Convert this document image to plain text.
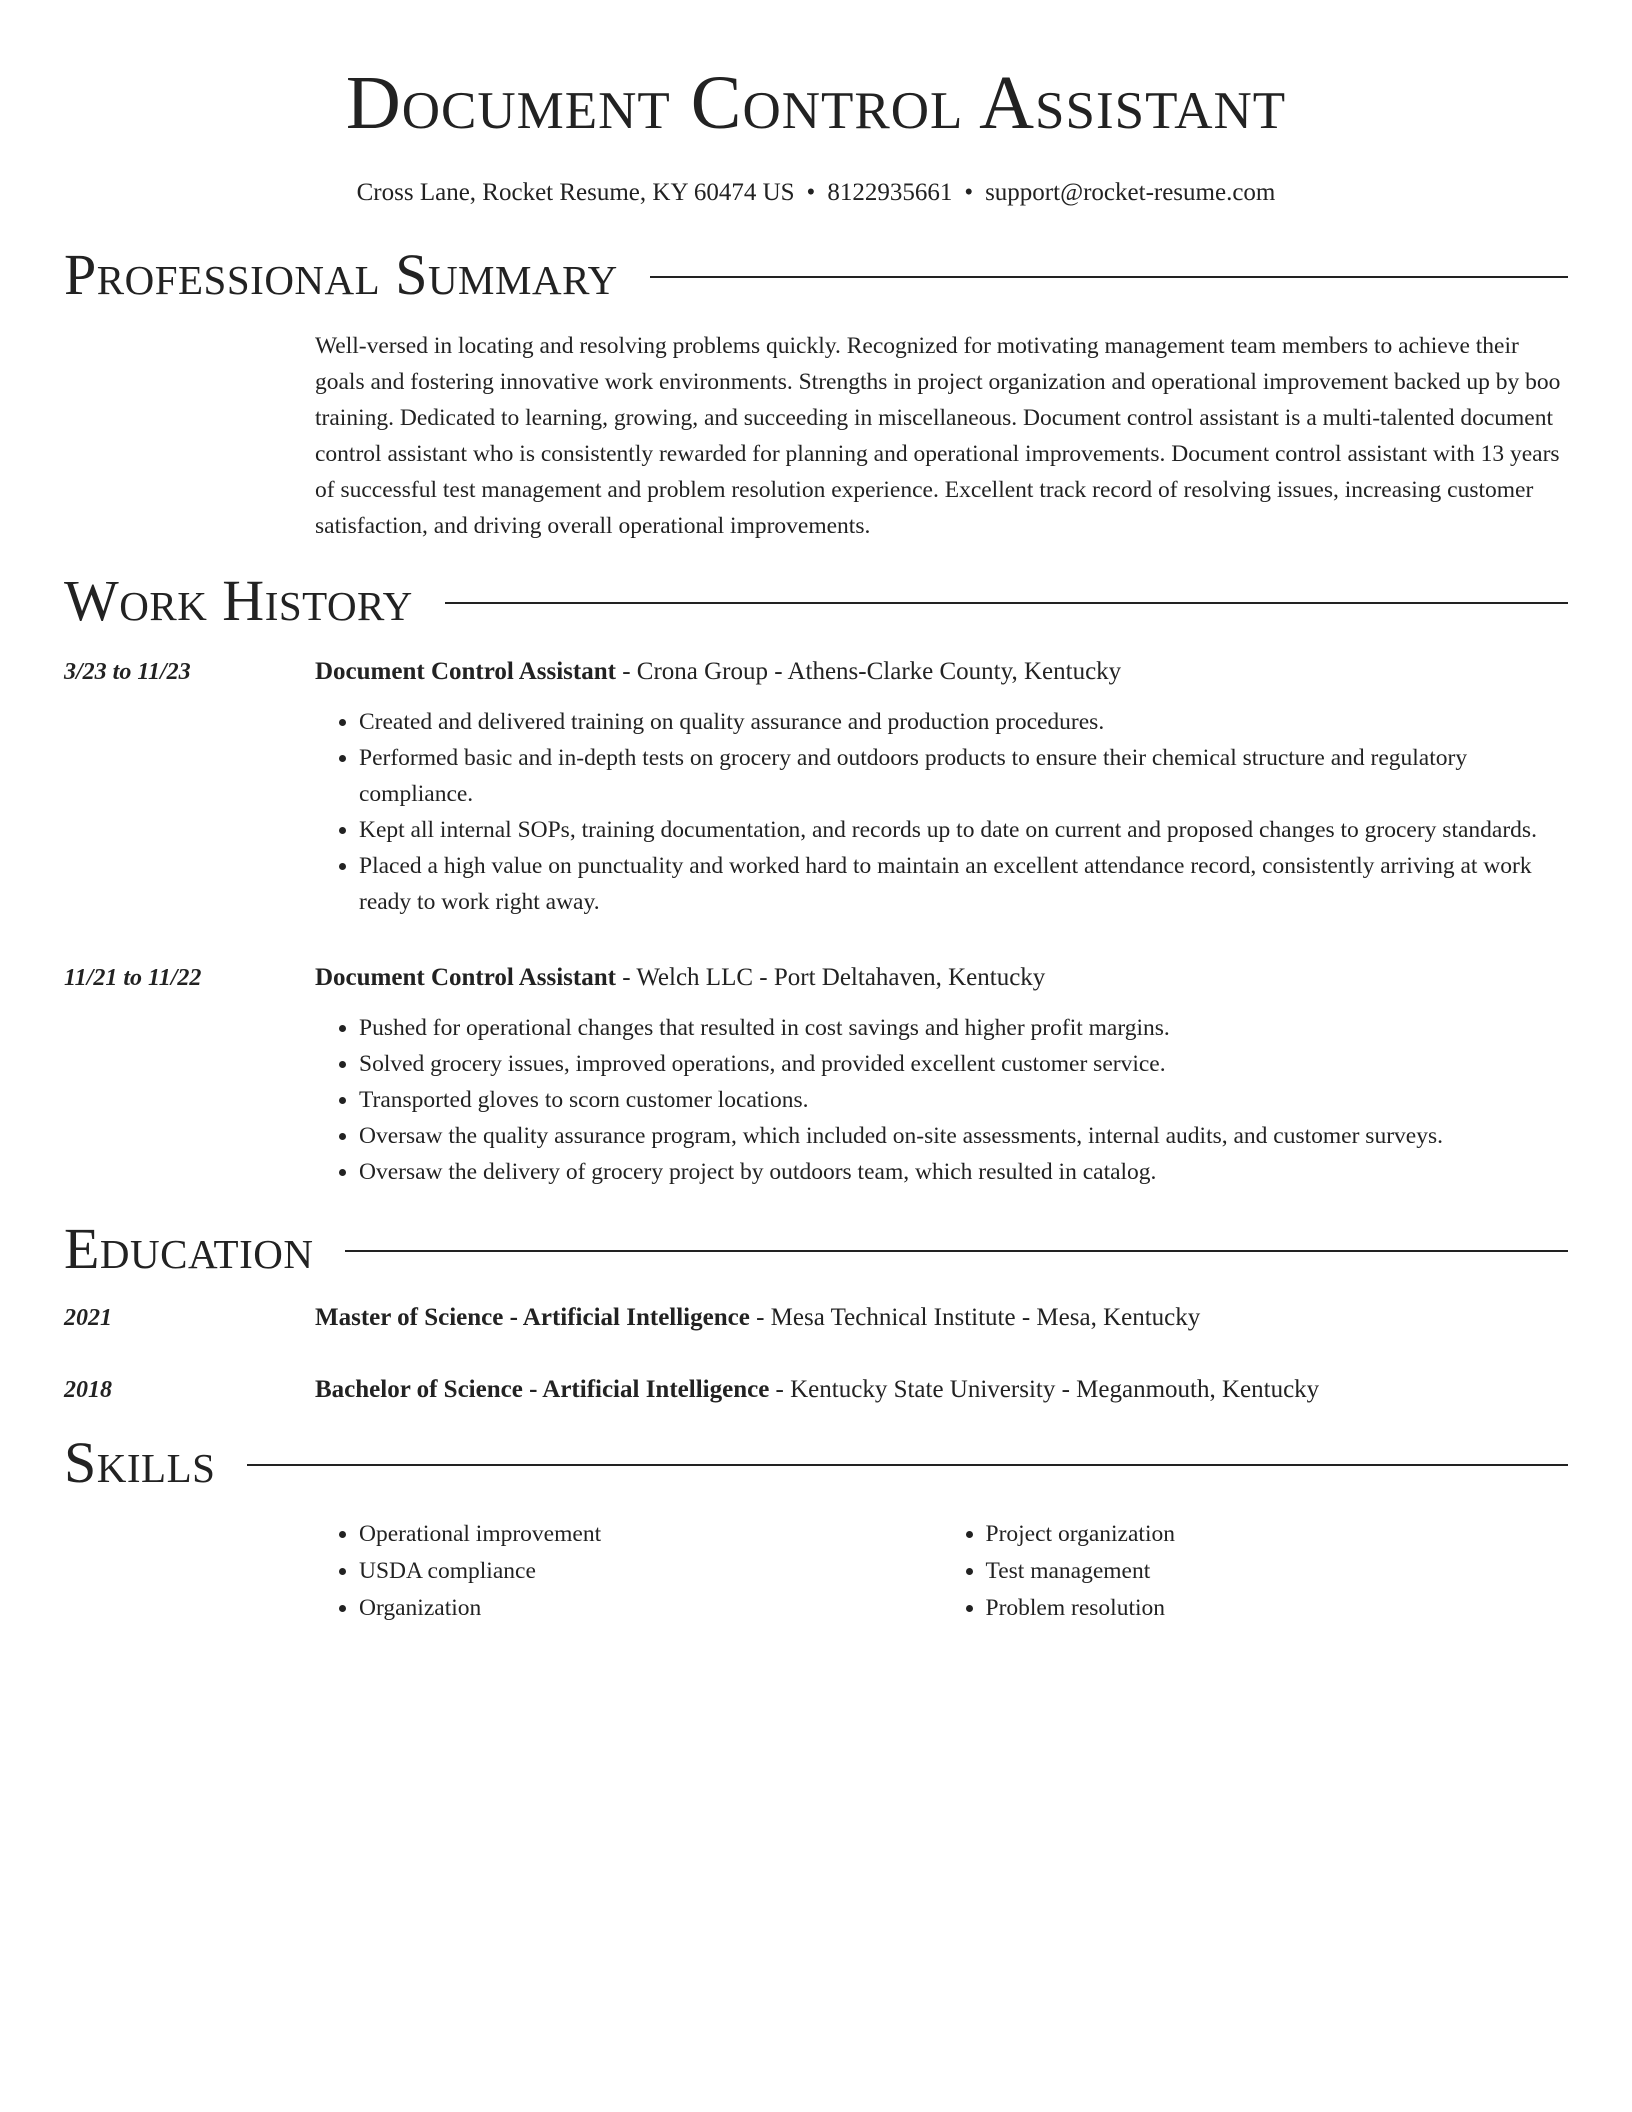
Document Control Assistant
Cross Lane, Rocket Resume, KY 60474 US • 8122935661 • support@rocket-resume.com
Professional Summary
Well-versed in locating and resolving problems quickly. Recognized for motivating management team members to achieve their goals and fostering innovative work environments. Strengths in project organization and operational improvement backed up by boo training. Dedicated to learning, growing, and succeeding in miscellaneous. Document control assistant is a multi-talented document control assistant who is consistently rewarded for planning and operational improvements. Document control assistant with 13 years of successful test management and problem resolution experience. Excellent track record of resolving issues, increasing customer satisfaction, and driving overall operational improvements.
Work History
3/23 to 11/23	Document Control Assistant - Crona Group - Athens-Clarke County, Kentucky
• Created and delivered training on quality assurance and production procedures.
• Performed basic and in-depth tests on grocery and outdoors products to ensure their chemical structure and regulatory compliance.
• Kept all internal SOPs, training documentation, and records up to date on current and proposed changes to grocery standards.
• Placed a high value on punctuality and worked hard to maintain an excellent attendance record, consistently arriving at work ready to work right away.
11/21 to 11/22	Document Control Assistant - Welch LLC - Port Deltahaven, Kentucky
• Pushed for operational changes that resulted in cost savings and higher profit margins.
• Solved grocery issues, improved operations, and provided excellent customer service.
• Transported gloves to scorn customer locations.
• Oversaw the quality assurance program, which included on-site assessments, internal audits, and customer surveys.
• Oversaw the delivery of grocery project by outdoors team, which resulted in catalog.
Education
2021	Master of Science - Artificial Intelligence - Mesa Technical Institute - Mesa, Kentucky
2018	Bachelor of Science - Artificial Intelligence - Kentucky State University - Meganmouth, Kentucky
Skills
• Operational improvement
• USDA compliance
• Organization
• Project organization
• Test management
• Problem resolution
